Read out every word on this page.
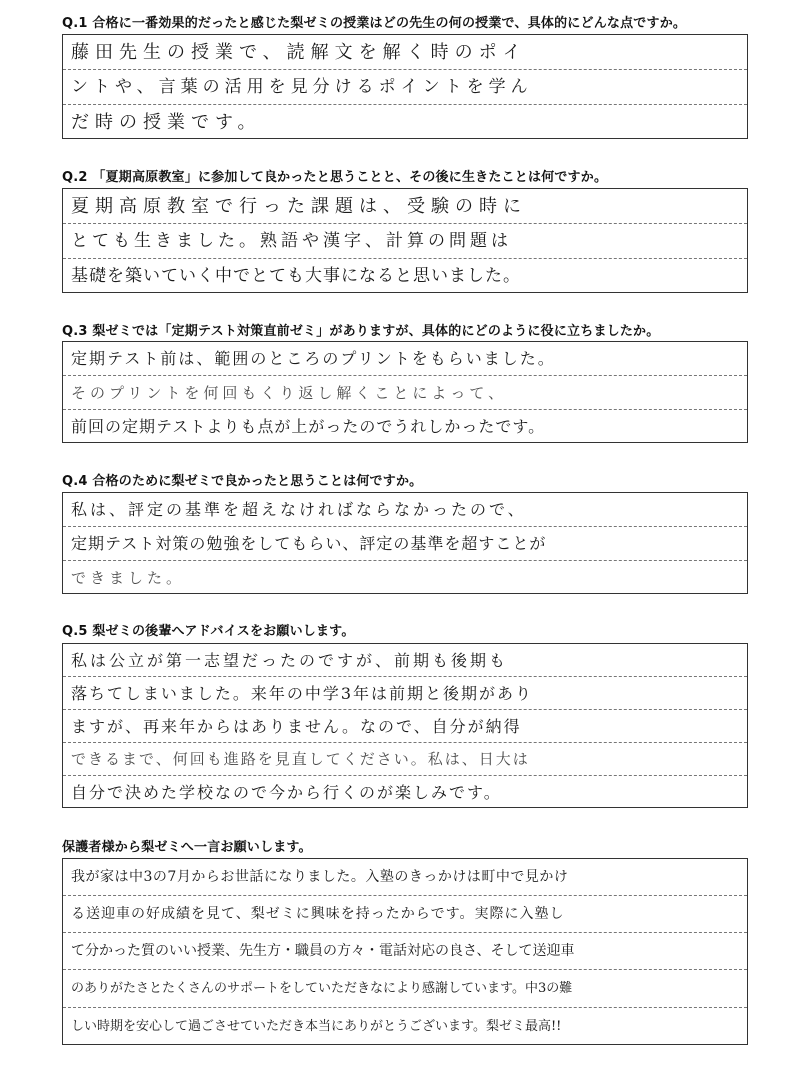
Q.1 合格に一番効果的だったと感じた梨ゼミの授業はどの先生の何の授業で、具体的にどんな点ですか。
藤田先生の授業で、読解文を解く時のポイ
ントや、言葉の活用を見分けるポイントを学ん
だ時の授業です。
Q.2 「夏期高原教室」に参加して良かったと思うことと、その後に生きたことは何ですか。
夏期高原教室で行った課題は、受験の時に
とても生きました。熟語や漢字、計算の問題は
基礎を築いていく中でとても大事になると思いました。
Q.3 梨ゼミでは「定期テスト対策直前ゼミ」がありますが、具体的にどのように役に立ちましたか。
定期テスト前は、範囲のところのプリントをもらいました。
そのプリントを何回もくり返し解くことによって、
前回の定期テストよりも点が上がったのでうれしかったです。
Q.4 合格のために梨ゼミで良かったと思うことは何ですか。
私は、評定の基準を超えなければならなかったので、
定期テスト対策の勉強をしてもらい、評定の基準を超すことが
できました。
Q.5 梨ゼミの後輩へアドバイスをお願いします。
私は公立が第一志望だったのですが、前期も後期も
落ちてしまいました。来年の中学3年は前期と後期があり
ますが、再来年からはありません。なので、自分が納得
できるまで、何回も進路を見直してください。私は、日大は
自分で決めた学校なので今から行くのが楽しみです。
保護者様から梨ゼミへ一言お願いします。
我が家は中3の7月からお世話になりました。入塾のきっかけは町中で見かけ
る送迎車の好成績を見て、梨ゼミに興味を持ったからです。実際に入塾し
て分かった質のいい授業、先生方・職員の方々・電話対応の良さ、そして送迎車
のありがたさとたくさんのサポートをしていただきなにより感謝しています。中3の難
しい時期を安心して過ごさせていただき本当にありがとうございます。梨ゼミ最高!!
